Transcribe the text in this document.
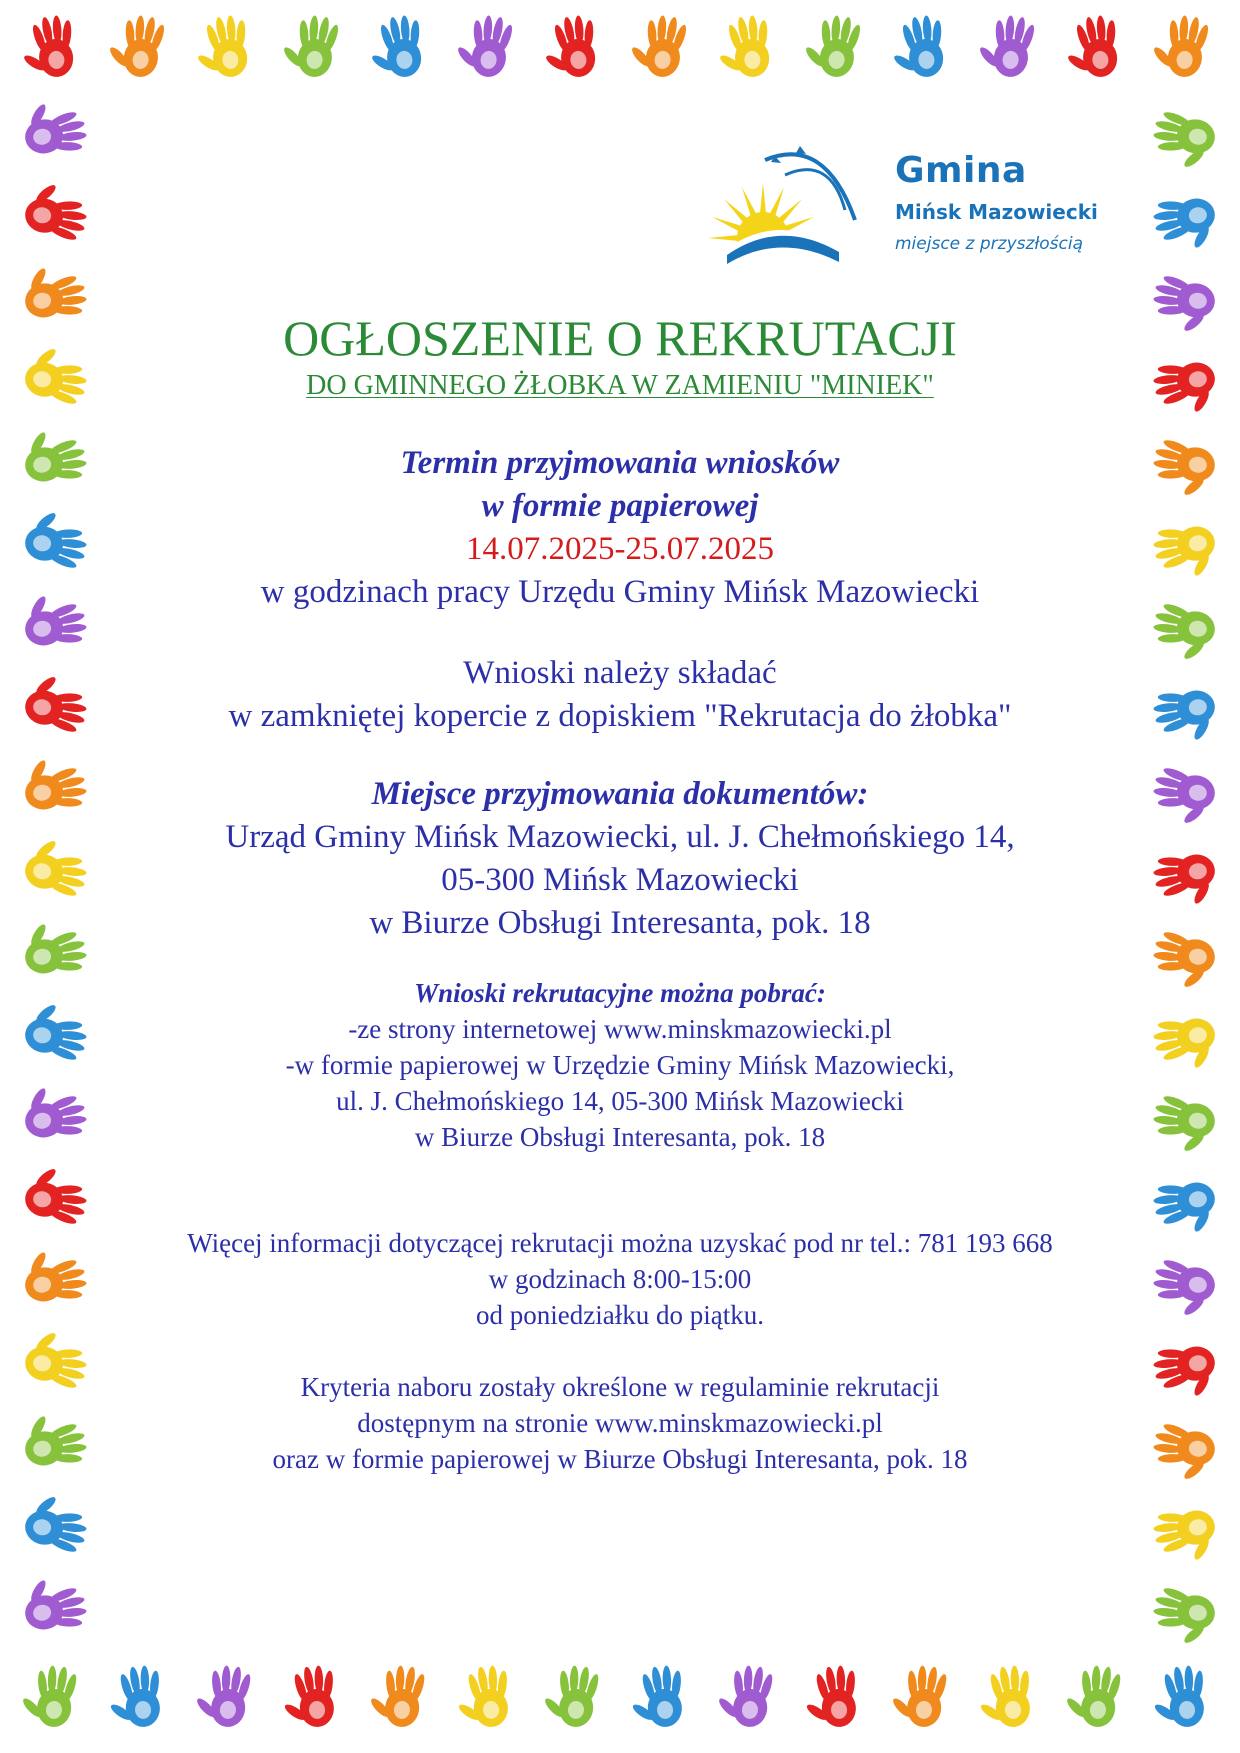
Gmina
Mińsk Mazowiecki
miejsce z przyszłością
OGŁOSZENIE O REKRUTACJI
DO GMINNEGO ŻŁOBKA W ZAMIENIU "MINIEK"
Termin przyjmowania wniosków
w formie papierowej
14.07.2025-25.07.2025
w godzinach pracy Urzędu Gminy Mińsk Mazowiecki
Wnioski należy składać
w zamkniętej kopercie z dopiskiem "Rekrutacja do żłobka"
Miejsce przyjmowania dokumentów:
Urząd Gminy Mińsk Mazowiecki, ul. J. Chełmońskiego 14,
05-300 Mińsk Mazowiecki
w Biurze Obsługi Interesanta, pok. 18
Wnioski rekrutacyjne można pobrać:
-ze strony internetowej www.minskmazowiecki.pl
-w formie papierowej w Urzędzie Gminy Mińsk Mazowiecki,
ul. J. Chełmońskiego 14, 05-300 Mińsk Mazowiecki
w Biurze Obsługi Interesanta, pok. 18
Więcej informacji dotyczącej rekrutacji można uzyskać pod nr tel.: 781 193 668
w godzinach 8:00-15:00
od poniedziałku do piątku.
Kryteria naboru zostały określone w regulaminie rekrutacji
dostępnym na stronie www.minskmazowiecki.pl
oraz w formie papierowej w Biurze Obsługi Interesanta, pok. 18
